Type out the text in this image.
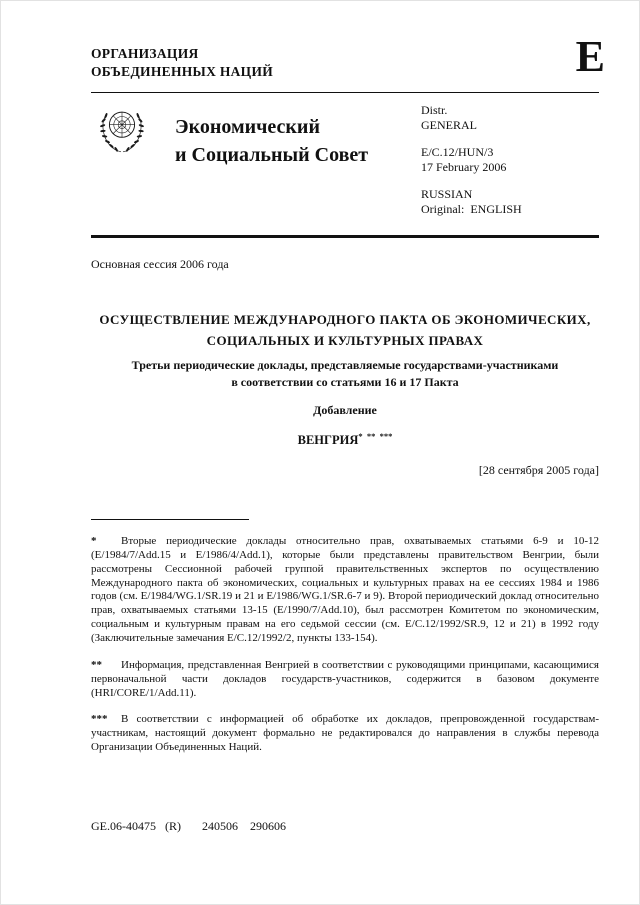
ОРГАНИЗАЦИЯ
ОБЪЕДИНЕННЫХ НАЦИЙ	E
Экономический
и Социальный Совет
Distr.
GENERAL
E/C.12/HUN/3
17 February 2006
RUSSIAN
Original:  ENGLISH
Основная сессия 2006 года
ОСУЩЕСТВЛЕНИЕ МЕЖДУНАРОДНОГО ПАКТА ОБ ЭКОНОМИЧЕСКИХ,
СОЦИАЛЬНЫХ И КУЛЬТУРНЫХ ПРАВАХ
Третьи периодические доклады, представляемые государствами-участниками
в соответствии со статьями 16 и 17 Пакта
Добавление
ВЕНГРИЯ*  **  ***
[28 сентября 2005 года]

* Вторые периодические доклады относительно прав, охватываемых статьями 6-9 и 10-12 (E/1984/7/Add.15 и E/1986/4/Add.1), которые были представлены правительством Венгрии, были рассмотрены Сессионной рабочей группой правительственных экспертов по осуществлению Международного пакта об экономических, социальных и культурных правах на ее сессиях 1984 и 1986 годов (см. E/1984/WG.1/SR.19 и 21 и E/1986/WG.1/SR.6-7 и 9). Второй периодический доклад относительно прав, охватываемых статьями 13-15 (E/1990/7/Add.10), был рассмотрен Комитетом по экономическим, социальным и культурным правам на его седьмой сессии (см. E/C.12/1992/SR.9, 12 и 21) в 1992 году (Заключительные замечания E/C.12/1992/2, пункты 133-154).

** Информация, представленная Венгрией в соответствии с руководящими принципами, касающимися первоначальной части докладов государств-участников, содержится в базовом документе (HRI/CORE/1/Add.11).

*** В соответствии с информацией об обработке их докладов, препровожденной государствам-участникам, настоящий документ формально не редактировался до направления в службы перевода Организации Объединенных Наций.

GE.06-40475   (R)       240506    290606
